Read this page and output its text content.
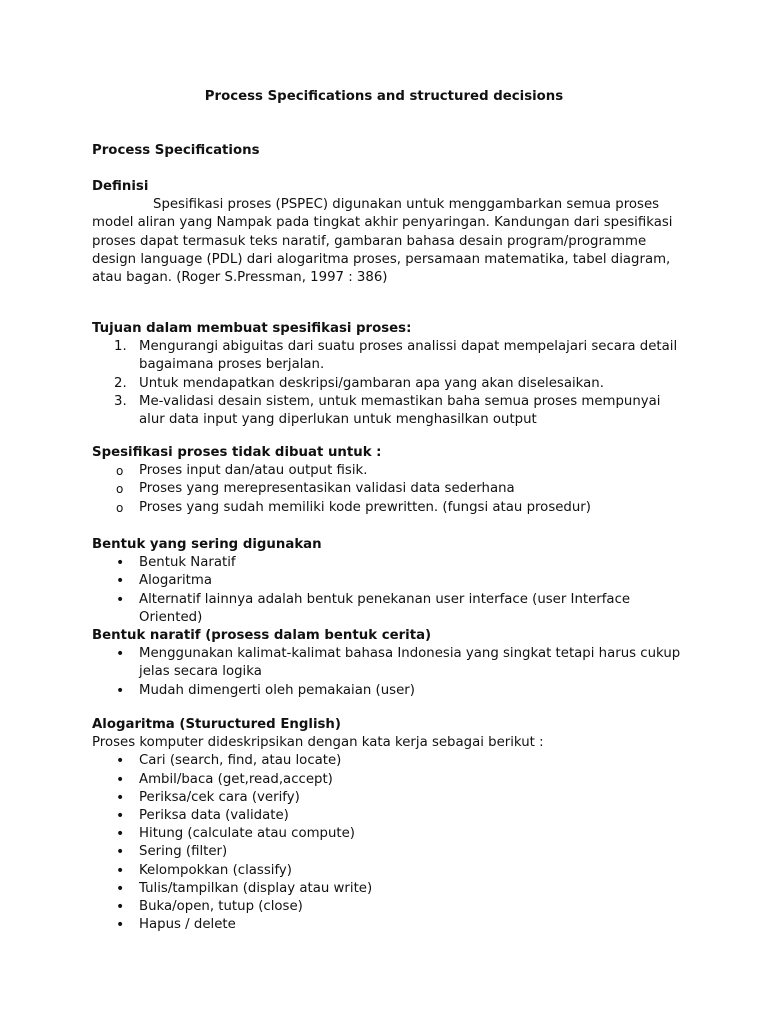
Process Specifications and structured decisions
Process Specifications
Definisi

Spesifikasi proses (PSPEC) digunakan untuk menggambarkan semua proses model aliran yang Nampak pada tingkat akhir penyaringan. Kandungan dari spesifikasi proses dapat termasuk teks naratif, gambaran bahasa desain program/programme design language (PDL) dari alogaritma proses, persamaan matematika, tabel diagram, atau bagan. (Roger S.Pressman, 1997 : 386)

Tujuan dalam membuat spesifikasi proses:
1. Mengurangi abiguitas dari suatu proses analissi dapat mempelajari secara detail bagaimana proses berjalan.
2. Untuk mendapatkan deskripsi/gambaran apa yang akan diselesaikan.
3. Me-validasi desain sistem, untuk memastikan baha semua proses mempunyai alur data input yang diperlukan untuk menghasilkan output
Spesifikasi proses tidak dibuat untuk :
o Proses input dan/atau output fisik.
o Proses yang merepresentasikan validasi data sederhana
o Proses yang sudah memiliki kode prewritten. (fungsi atau prosedur)
Bentuk yang sering digunakan
• Bentuk Naratif
• Alogaritma
• Alternatif lainnya adalah bentuk penekanan user interface (user Interface Oriented)
Bentuk naratif (prosess dalam bentuk cerita)
• Menggunakan kalimat-kalimat bahasa Indonesia yang singkat tetapi harus cukup jelas secara logika
• Mudah dimengerti oleh pemakaian (user)
Alogaritma (Stuructured English)
Proses komputer dideskripsikan dengan kata kerja sebagai berikut :
• Cari (search, find, atau locate)
• Ambil/baca (get,read,accept)
• Periksa/cek cara (verify)
• Periksa data (validate)
• Hitung (calculate atau compute)
• Sering (filter)
• Kelompokkan (classify)
• Tulis/tampilkan (display atau write)
• Buka/open, tutup (close)
• Hapus / delete
